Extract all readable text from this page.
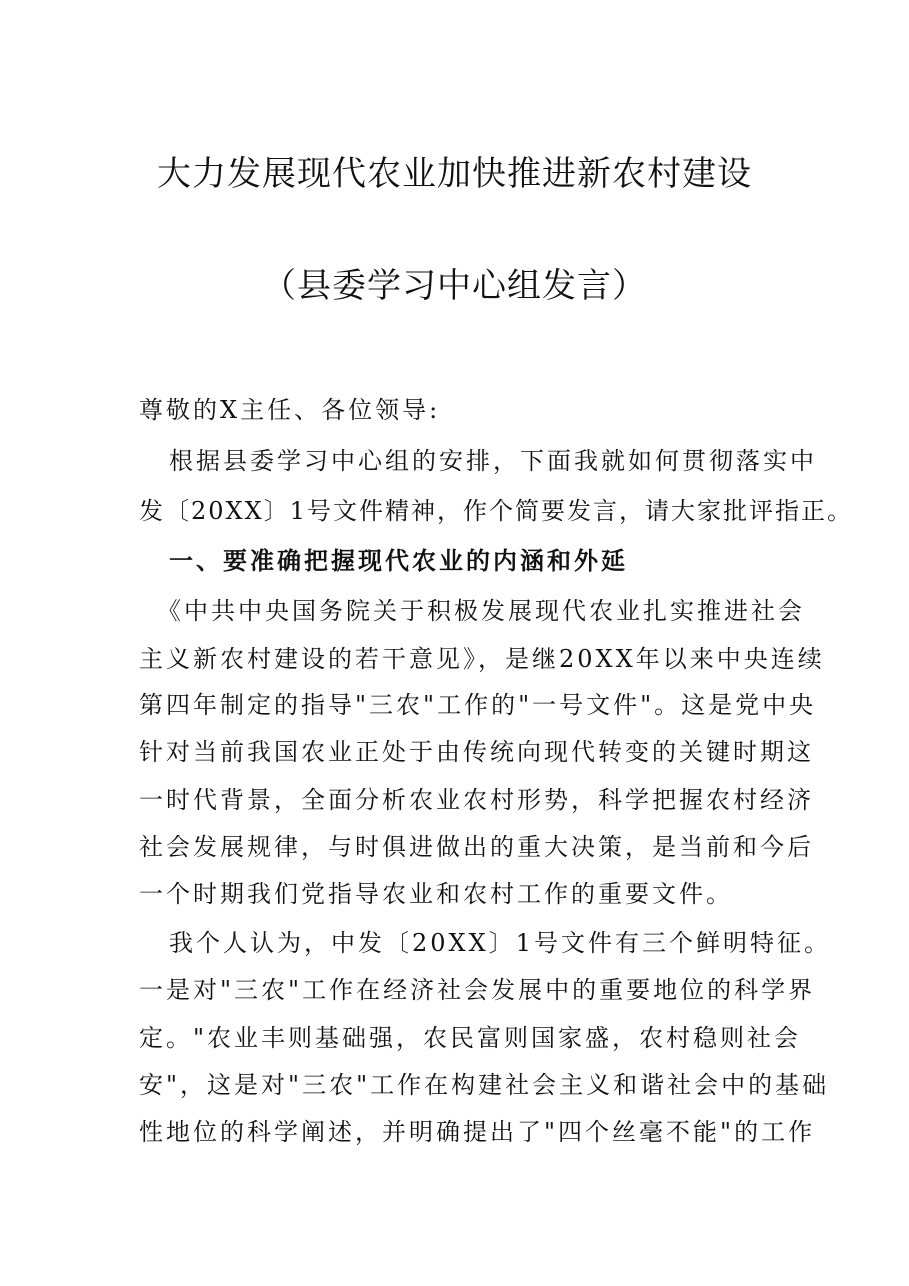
大力发展现代农业加快推进新农村建设
（县委学习中心组发言）
尊敬的X主任、各位领导:
　根据县委学习中心组的安排，下面我就如何贯彻落实中
发〔20XX〕1号文件精神，作个简要发言，请大家批评指正。
　一、要准确把握现代农业的内涵和外延
　《中共中央国务院关于积极发展现代农业扎实推进社会
主义新农村建设的若干意见》，是继20XX年以来中央连续
第四年制定的指导"三农"工作的"一号文件"。这是党中央
针对当前我国农业正处于由传统向现代转变的关键时期这
一时代背景，全面分析农业农村形势，科学把握农村经济
社会发展规律，与时俱进做出的重大决策，是当前和今后
一个时期我们党指导农业和农村工作的重要文件。
　我个人认为，中发〔20XX〕1号文件有三个鲜明特征。
一是对"三农"工作在经济社会发展中的重要地位的科学界
定。"农业丰则基础强，农民富则国家盛，农村稳则社会
安"，这是对"三农"工作在构建社会主义和谐社会中的基础
性地位的科学阐述，并明确提出了"四个丝毫不能"的工作
